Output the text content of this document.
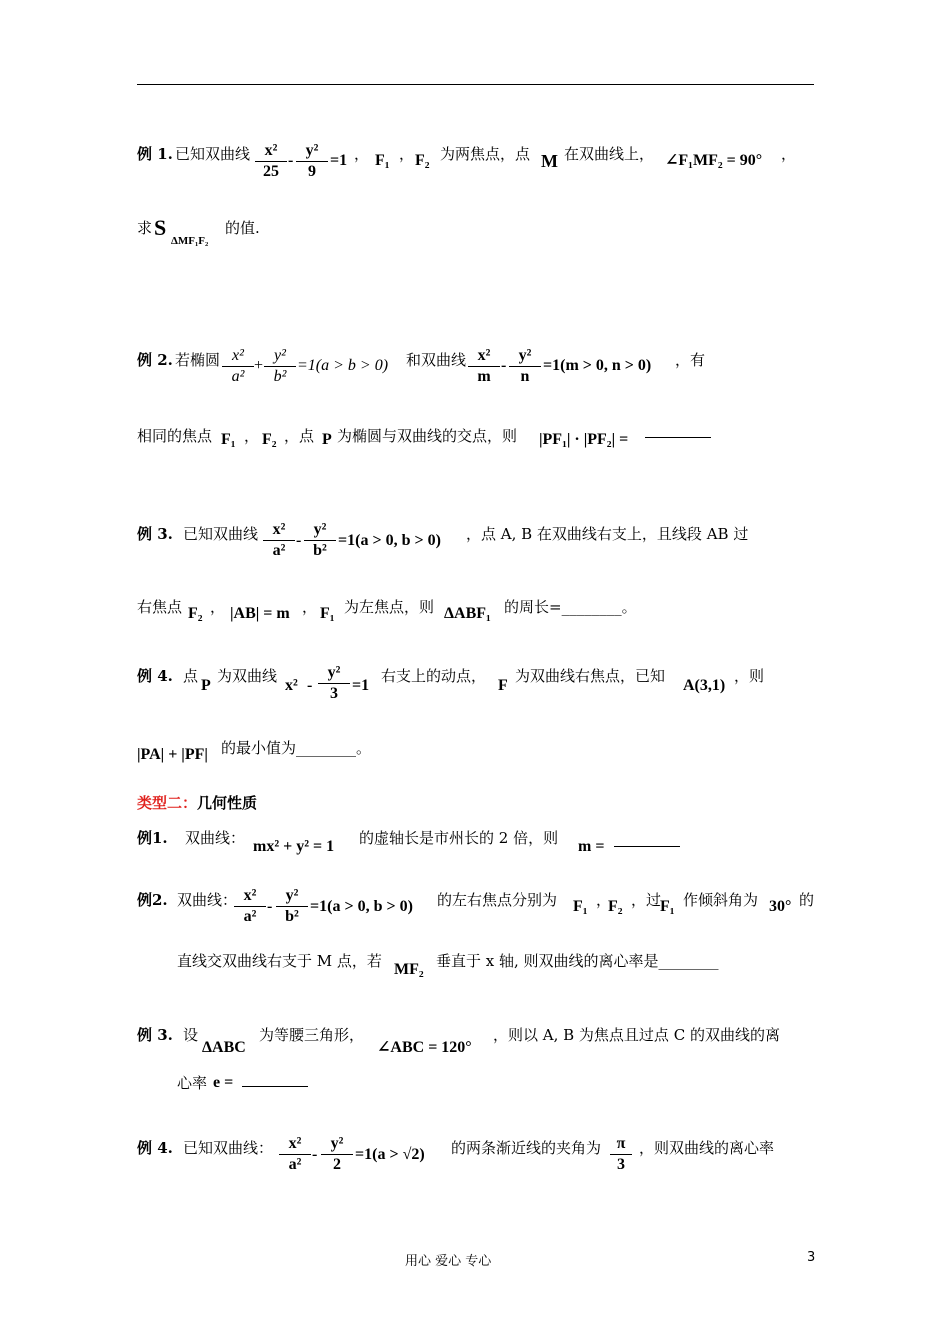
例 1. 已知双曲线 x²
25
-
y²
9
=1 ， F₁ ， F₂ 为两焦点，点 M 在双曲线上， ∠F₁MF₂ = 90° ，
求 S
ΔMF₁F₂
的值.
例 2. 若椭圆 x²
a²
+
y²
b²
=1(a > b > 0) 和双曲线 x²
m
-
y²
n
=1(m > 0, n > 0) ，有
相同的焦点 F₁ ， F₂ ，点 P 为椭圆与双曲线的交点，则 |PF₁| · |PF₂| =
例 3. 已知双曲线 x²
a²
-
y²
b²
=1(a > 0, b > 0) ，点 A, B 在双曲线右支上，且线段 AB 过
右焦点 F₂ ， |AB| = m ， F₁ 为左焦点，则 ΔABF₁ 的周长=________。
例 4. 点
P
为双曲线
x² -
y²
3 =1
右支上的动点，
F
为双曲线右焦点，已知
A(3,1)
，则
|PA| + |PF| 的最小值为________。
类型二：几何性质
例1. 双曲线： mx² + y² = 1 的虚轴长是市州长的 2 倍，则 m =
例2. 双曲线： x²
a²
-
y²
b²
=1(a > 0, b > 0) 的左右焦点分别为 F₁ ，
F₂ ，过
F₁ 作倾斜角为 30° 的
直线交双曲线右支于 M 点，若 MF₂ 垂直于 x 轴, 则双曲线的离心率是________
例 3. 设
ΔABC
为等腰三角形，
∠ABC = 120°
，则以 A, B 为焦点且过点 C 的双曲线的离
心率 e =
例 4. 已知双曲线： x²
a²
-
y²
2
=1(a > √2) 的两条渐近线的夹角为 π
3
，则双曲线的离心率
用心 爱心 专心	3
